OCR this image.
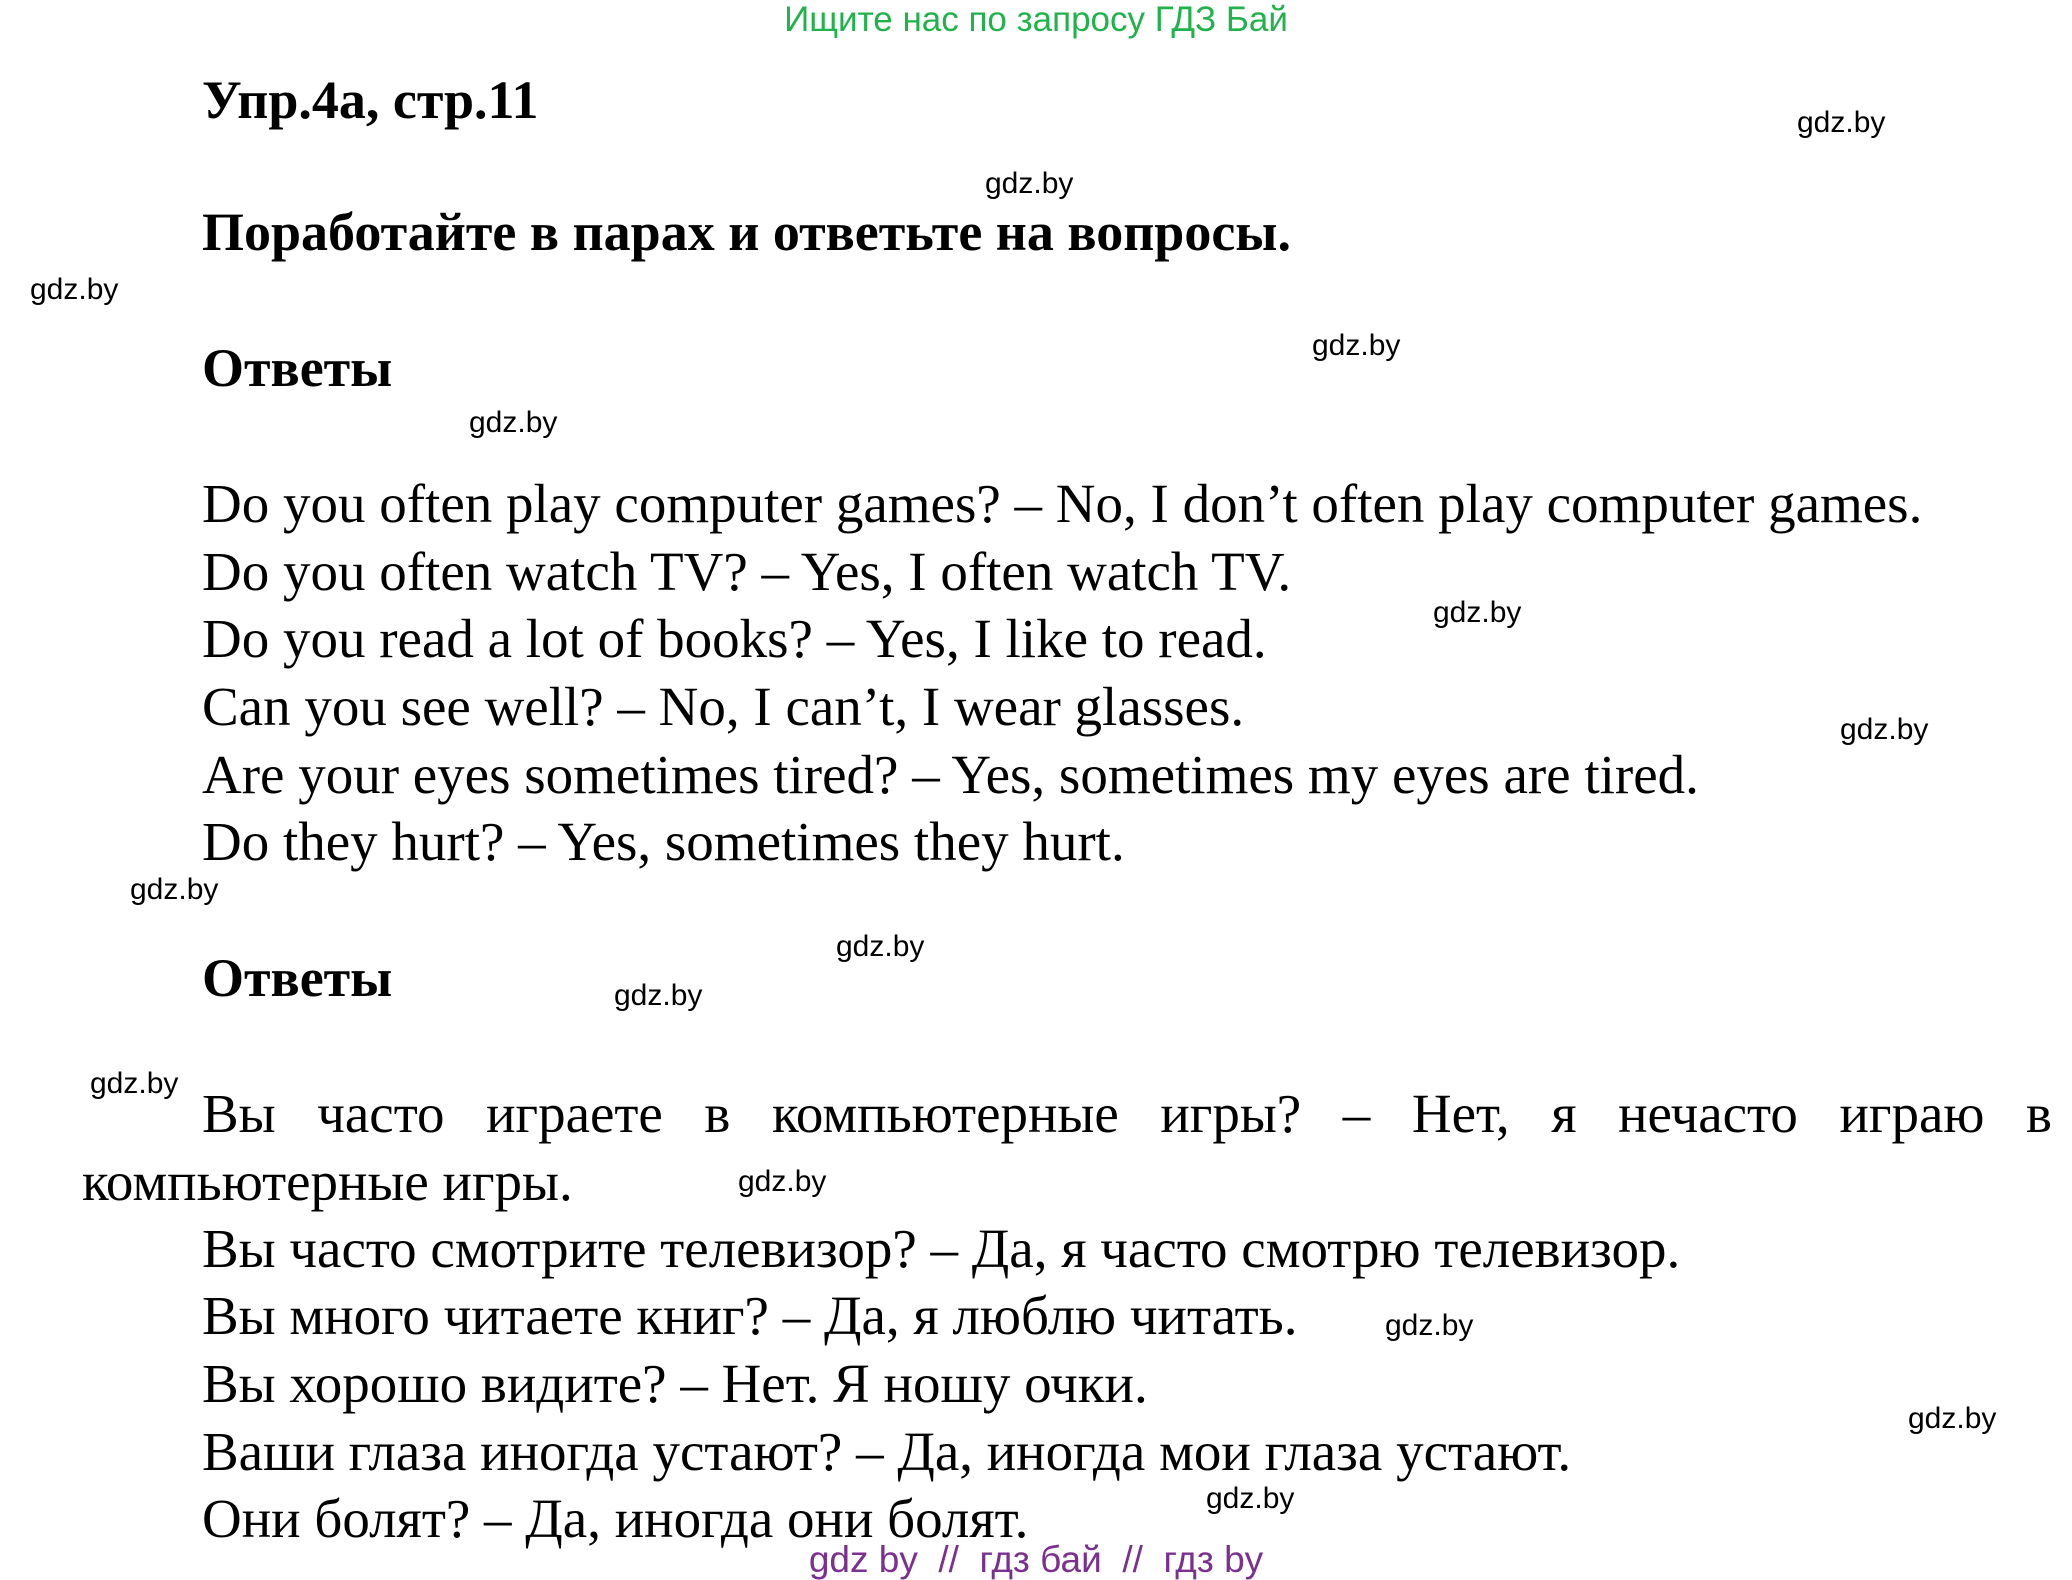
Ищите нас по запросу ГДЗ Бай
Упр.4а, стр.11
Поработайте в парах и ответьте на вопросы.
Ответы
Do you often play computer games? – No, I don’t often play computer games.
Do you often watch TV? – Yes, I often watch TV.
Do you read a lot of books? – Yes, I like to read.
Can you see well? – No, I can’t, I wear glasses.
Are your eyes sometimes tired? – Yes, sometimes my eyes are tired.
Do they hurt? – Yes, sometimes they hurt.
Ответы
Вы часто играете в компьютерные игры? – Нет, я нечасто играю в компьютерные игры.
Вы часто смотрите телевизор? – Да, я часто смотрю телевизор.
Вы много читаете книг? – Да, я люблю читать.
Вы хорошо видите? – Нет. Я ношу очки.
Ваши глаза иногда устают? – Да, иногда мои глаза устают.
Они болят? – Да, иногда они болят.
gdz.by
gdz.by
gdz.by
gdz.by
gdz.by
gdz.by
gdz.by
gdz.by
gdz.by
gdz.by
gdz.by
gdz.by
gdz.by
gdz.by
gdz.by
gdz by  //  гдз бай  //  гдз by
